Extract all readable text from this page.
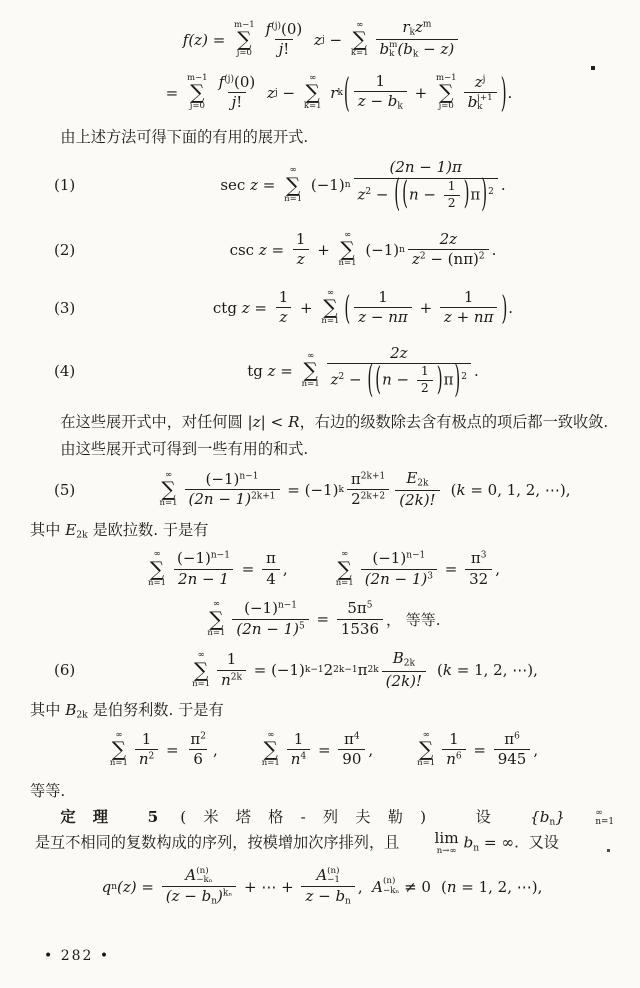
f(z) =
m−1
∑
$j=0 \frac{f^{(j)}(0)}{j!}$ z j −
∞
∑
k=1
rkz$^m$
b m
k (bk − z)
=
m−1
∑
$j=0 \frac{f^{(j)}(0)}{j!}$ z j −
∞
∑
k=1
r k ( $\frac{1}{z - bk}$ +
m−1
∑
j=0 $z^j$
b j+1
k ) .
由上述方法可得下面的有用的展开式.
(1)	sec z =
∞
∑
n=1
(−1) n $\frac{(2n - 1)\pi}{z^2 - ( (n - \frac{1}{2} )\pi)^2}$ .
(2)	$\csc z = \frac{1}{z}$ +
∞
∑
n=1
(−1) n $\frac{2z}{z^2 - (n\pi)^2}$ .
(3)	ctg $z = \frac{1}{z}$ +
∞
∑
n=1 ( $\frac{1}{z - n\pi} + \frac{1}{z + n\pi}$ ) .
(4)	tg z =
∞
∑
$n=1 \frac{2z}{z^2 - ( (n - \frac{1}{2} )\pi)^2}$ .
在这些展开式中，对任何圆 |z| < R，右边的级数除去含有极点的项后都一致收敛.
由这些展开式可得到一些有用的和式.
(5)
∞
∑
$n=1 \frac{(-1)^{n-1}}{(2n - 1)^{2k+1}} = (-1)$ k $\frac{\pi^{2k+1}}{2^{2k+2}} \frac{E2k}{(2k)!}$ ( k = 0, 1, 2, ⋯),
其中 E2k 是欧拉数. 于是有
∞
∑
$n=1 \frac{(-1)^{n-1}}{2n - 1} = \frac{\pi}{4}$ ,
∞
∑
$n=1 \frac{(-1)^{n-1}}{(2n - 1)^3} = \frac{\pi^3}{32}$ ,
∞
∑
$n=1 \frac{(-1)^{n-1}}{(2n - 1)^5} = \frac{5\pi^5}{1536}$ ， 等等.
(6)
∞
∑
$n=1 \frac{1}{n^{2k}} = (-1)$ k−1 2 2k−1 π $2k \frac{B2k}{(2k)!}$ ( k = 1, 2, ⋯),
其中 B2k 是伯努利数. 于是有
∞
∑
$n=1 \frac{1}{n^2} = \frac{\pi^2}{6}$ ,
∞
∑
$n=1 \frac{1}{n^4} = \frac{\pi^4}{90}$ ,
∞
∑
$n=1 \frac{1}{n^6} = \frac{\pi^6}{945}$ ,
等等.
定理 5 (米塔格-列夫勒)　设 {bn}	∞
n=1
是互不相同的复数构成的序列，按模增加次序排列，且	lim
n→∞ bn = ∞.  又设
q n (z) = A (n)
−kₙ
(z − bn)$^{k_n}$ + ⋯ + A (n)
−1
z − bn , A (n)
−kₙ ≠ 0 ( n = 1, 2, ⋯),
• 282 •
